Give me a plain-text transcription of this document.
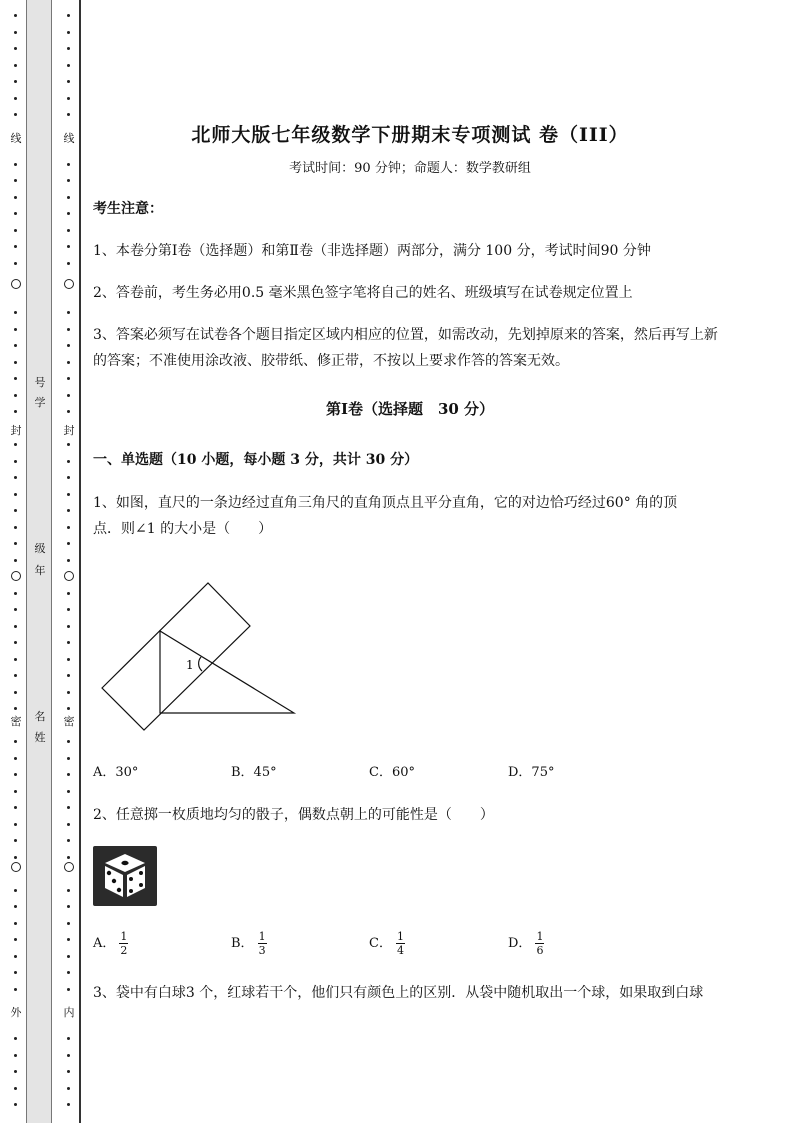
线
封
密
外
号
学
级
年
名
姓
线
封
密
内
北师大版七年级数学下册期末专项测试 卷（III）
考试时间：90 分钟；命题人：数学教研组
考生注意：
1、本卷分第Ⅰ卷（选择题）和第Ⅱ卷（非选择题）两部分，满分 100 分，考试时间90 分钟
2、答卷前，考生务必用0.5 毫米黑色签字笔将自己的姓名、班级填写在试卷规定位置上
3、答案必须写在试卷各个题目指定区域内相应的位置，如需改动，先划掉原来的答案，然后再写上新
的答案；不准使用涂改液、胶带纸、修正带，不按以上要求作答的答案无效。
第Ⅰ卷（选择题　30 分）
一、单选题（10 小题，每小题 3 分，共计 30 分）
1、如图，直尺的一条边经过直角三角尺的直角顶点且平分直角，它的对边恰巧经过60° 角的顶
点．则∠1 的大小是（　　）
1
A．30°	B．45°	C．60°	D．75°
2、任意掷一枚质地均匀的骰子，偶数点朝上的可能性是（　　）
A． $\frac{1}{2}$	B． $\frac{1}{3}$	C． $\frac{1}{4}$	D． $\frac{1}{6}$
3、袋中有白球3 个，红球若干个，他们只有颜色上的区别．从袋中随机取出一个球，如果取到白球
